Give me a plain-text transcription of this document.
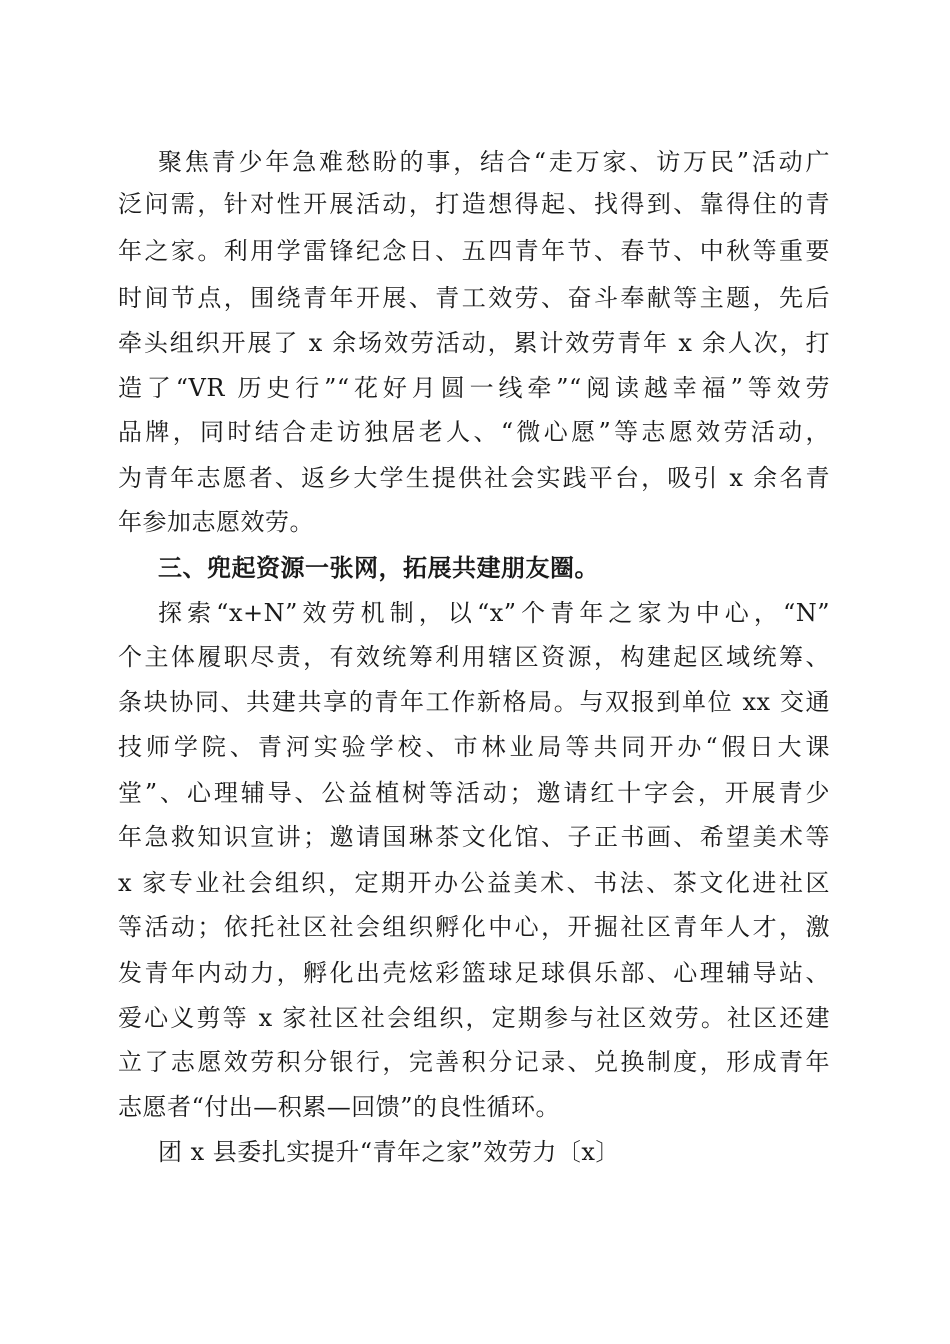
聚焦青少年急难愁盼的事，结合“走万家、访万民”活动广
泛问需，针对性开展活动，打造想得起、找得到、靠得住的青
年之家。利用学雷锋纪念日、五四青年节、春节、中秋等重要
时间节点，围绕青年开展、青工效劳、奋斗奉献等主题，先后
牵头组织开展了 x 余场效劳活动，累计效劳青年 x 余人次，打
造了“VR 历史行”“花好月圆一线牵”“阅读越幸福”等效劳
品牌，同时结合走访独居老人、“微心愿”等志愿效劳活动，
为青年志愿者、返乡大学生提供社会实践平台，吸引 x 余名青
年参加志愿效劳。
三、兜起资源一张网，拓展共建朋友圈。
探索“x+N”效劳机制，以“x”个青年之家为中心，“N”
个主体履职尽责，有效统筹利用辖区资源，构建起区域统筹、
条块协同、共建共享的青年工作新格局。与双报到单位 xx 交通
技师学院、青河实验学校、市林业局等共同开办“假日大课
堂”、心理辅导、公益植树等活动；邀请红十字会，开展青少
年急救知识宣讲；邀请国琳茶文化馆、子正书画、希望美术等
x 家专业社会组织，定期开办公益美术、书法、茶文化进社区
等活动；依托社区社会组织孵化中心，开掘社区青年人才，激
发青年内动力，孵化出壳炫彩篮球足球俱乐部、心理辅导站、
爱心义剪等 x 家社区社会组织，定期参与社区效劳。社区还建
立了志愿效劳积分银行，完善积分记录、兑换制度，形成青年
志愿者“付出—积累—回馈”的良性循环。
团 x 县委扎实提升“青年之家”效劳力〔x〕
